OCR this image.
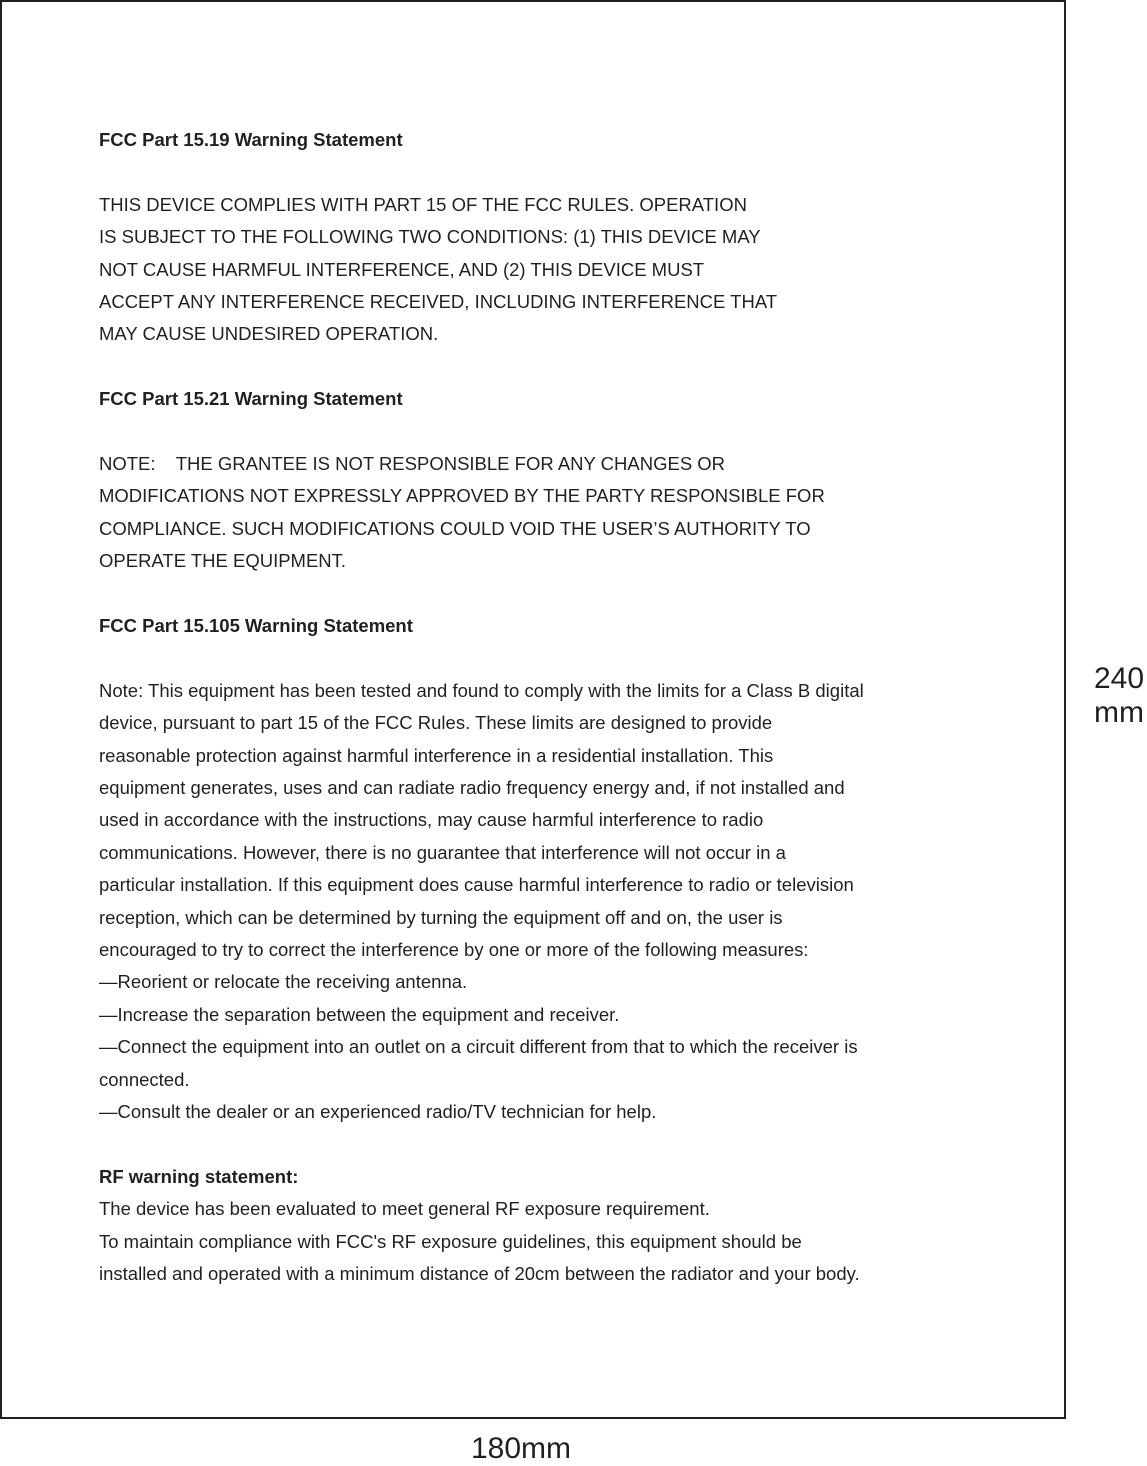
FCC Part 15.19 Warning Statement
THIS DEVICE COMPLIES WITH PART 15 OF THE FCC RULES. OPERATION
IS SUBJECT TO THE FOLLOWING TWO CONDITIONS: (1) THIS DEVICE MAY
NOT CAUSE HARMFUL INTERFERENCE, AND (2) THIS DEVICE MUST
ACCEPT ANY INTERFERENCE RECEIVED, INCLUDING INTERFERENCE THAT
MAY CAUSE UNDESIRED OPERATION.
FCC Part 15.21 Warning Statement
NOTE:    THE GRANTEE IS NOT RESPONSIBLE FOR ANY CHANGES OR
MODIFICATIONS NOT EXPRESSLY APPROVED BY THE PARTY RESPONSIBLE FOR
COMPLIANCE. SUCH MODIFICATIONS COULD VOID THE USER’S AUTHORITY TO
OPERATE THE EQUIPMENT.
FCC Part 15.105 Warning Statement
Note: This equipment has been tested and found to comply with the limits for a Class B digital
device, pursuant to part 15 of the FCC Rules. These limits are designed to provide
reasonable protection against harmful interference in a residential installation. This
equipment generates, uses and can radiate radio frequency energy and, if not installed and
used in accordance with the instructions, may cause harmful interference to radio
communications. However, there is no guarantee that interference will not occur in a
particular installation. If this equipment does cause harmful interference to radio or television
reception, which can be determined by turning the equipment off and on, the user is
encouraged to try to correct the interference by one or more of the following measures:
—Reorient or relocate the receiving antenna.
—Increase the separation between the equipment and receiver.
—Connect the equipment into an outlet on a circuit different from that to which the receiver is
connected.
—Consult the dealer or an experienced radio/TV technician for help.
RF warning statement:
The device has been evaluated to meet general RF exposure requirement.
To maintain compliance with FCC's RF exposure guidelines, this equipment should be
installed and operated with a minimum distance of 20cm between the radiator and your body.
240
mm
180mm
